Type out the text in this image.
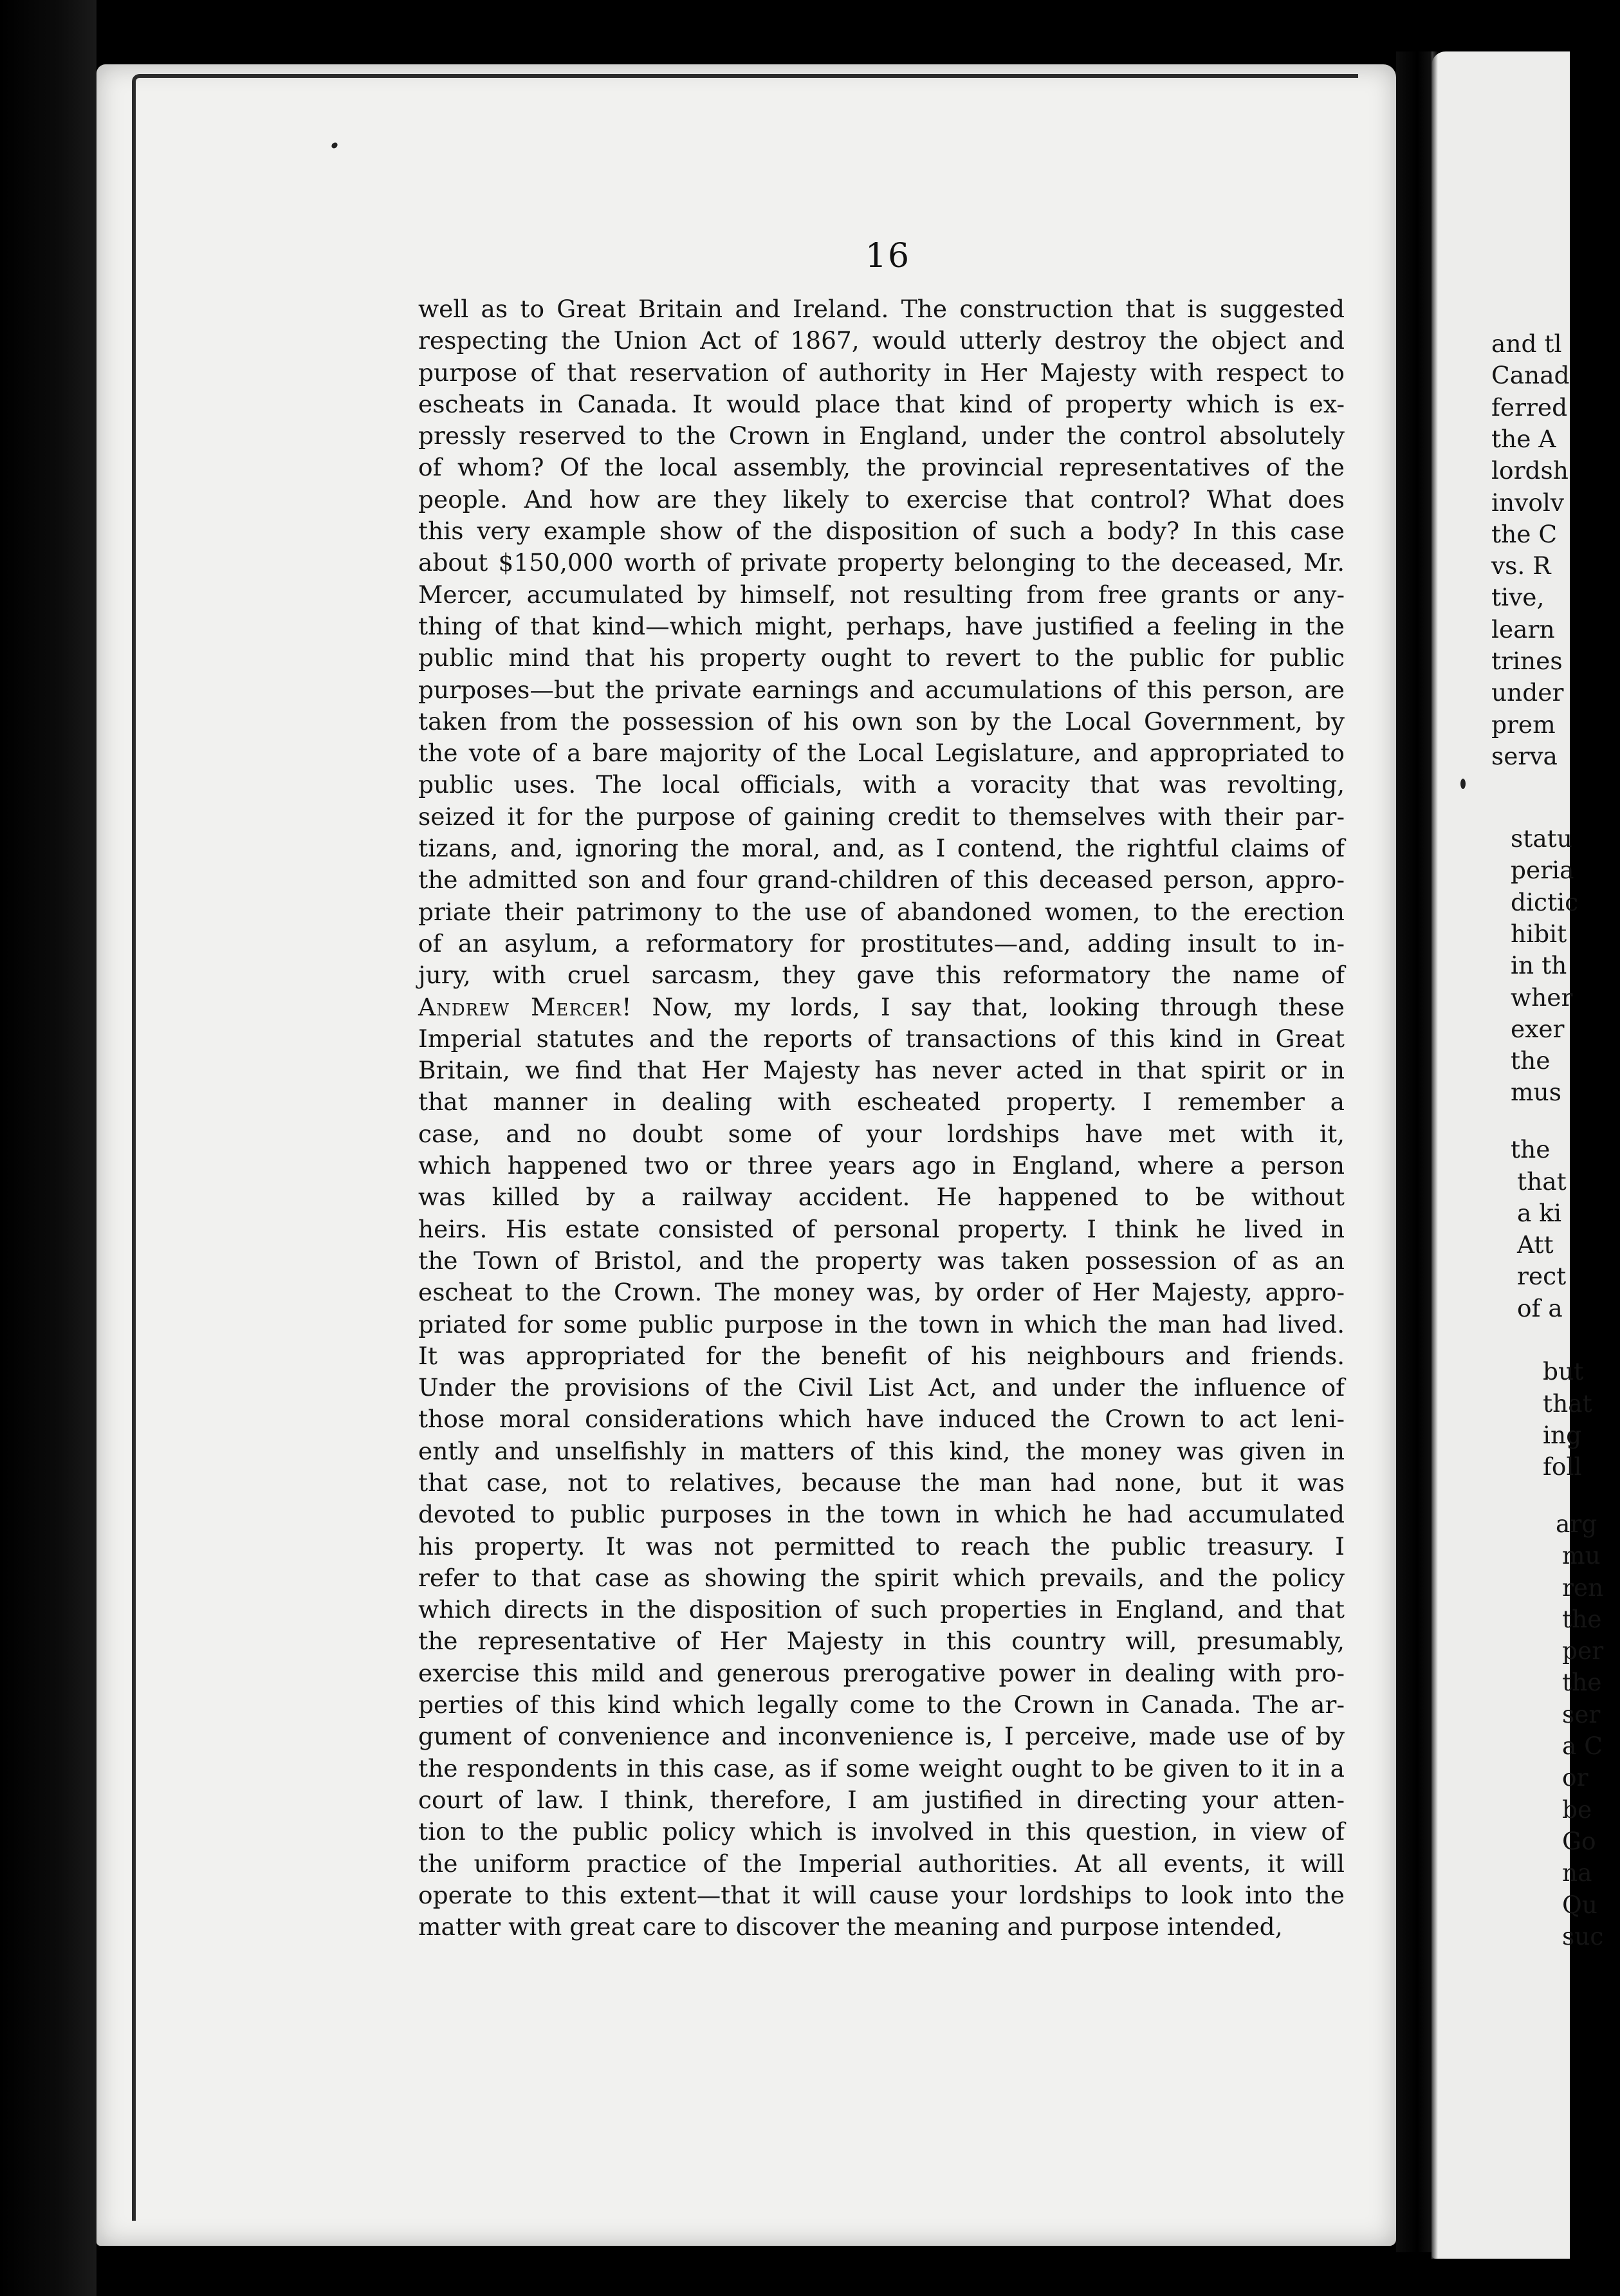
16
well as to Great Britain and Ireland. The construction that is suggested
respecting the Union Act of 1867, would utterly destroy the object and
purpose of that reservation of authority in Her Majesty with respect to
escheats in Canada. It would place that kind of property which is ex-
pressly reserved to the Crown in England, under the control absolutely
of whom? Of the local assembly, the provincial representatives of the
people. And how are they likely to exercise that control? What does
this very example show of the disposition of such a body? In this case
about $150,000 worth of private property belonging to the deceased, Mr.
Mercer, accumulated by himself, not resulting from free grants or any-
thing of that kind—which might, perhaps, have justified a feeling in the
public mind that his property ought to revert to the public for public
purposes—but the private earnings and accumulations of this person, are
taken from the possession of his own son by the Local Government, by
the vote of a bare majority of the Local Legislature, and appropriated to
public uses. The local officials, with a voracity that was revolting,
seized it for the purpose of gaining credit to themselves with their par-
tizans, and, ignoring the moral, and, as I contend, the rightful claims of
the admitted son and four grand-children of this deceased person, appro-
priate their patrimony to the use of abandoned women, to the erection
of an asylum, a reformatory for prostitutes—and, adding insult to in-
jury, with cruel sarcasm, they gave this reformatory the name of
Andrew Mercer! Now, my lords, I say that, looking through these
Imperial statutes and the reports of transactions of this kind in Great
Britain, we find that Her Majesty has never acted in that spirit or in
that manner in dealing with escheated property. I remember a
case, and no doubt some of your lordships have met with it,
which happened two or three years ago in England, where a person
was killed by a railway accident. He happened to be without
heirs. His estate consisted of personal property. I think he lived in
the Town of Bristol, and the property was taken possession of as an
escheat to the Crown. The money was, by order of Her Majesty, appro-
priated for some public purpose in the town in which the man had lived.
It was appropriated for the benefit of his neighbours and friends.
Under the provisions of the Civil List Act, and under the influence of
those moral considerations which have induced the Crown to act leni-
ently and unselfishly in matters of this kind, the money was given in
that case, not to relatives, because the man had none, but it was
devoted to public purposes in the town in which he had accumulated
his property. It was not permitted to reach the public treasury. I
refer to that case as showing the spirit which prevails, and the policy
which directs in the disposition of such properties in England, and that
the representative of Her Majesty in this country will, presumably,
exercise this mild and generous prerogative power in dealing with pro-
perties of this kind which legally come to the Crown in Canada. The ar-
gument of convenience and inconvenience is, I perceive, made use of by
the respondents in this case, as if some weight ought to be given to it in a
court of law. I think, therefore, I am justified in directing your atten-
tion to the public policy which is involved in this question, in view of
the uniform practice of the Imperial authorities. At all events, it will
operate to this extent—that it will cause your lordships to look into the
matter with great care to discover the meaning and purpose intended,
and tl
Canad
ferred
the A
lordsh
involv
the C
vs. R
tive,
learn
trines
under
prem
serva
statu
peria
dictic
hibit
in th
wher
exer
the
mus
the
that
a ki
Att
rect
of a
but
that
ing
foll
arg
mu
ren
the
per
the
ser
a C
or
be
Go
na
Qu
suc
